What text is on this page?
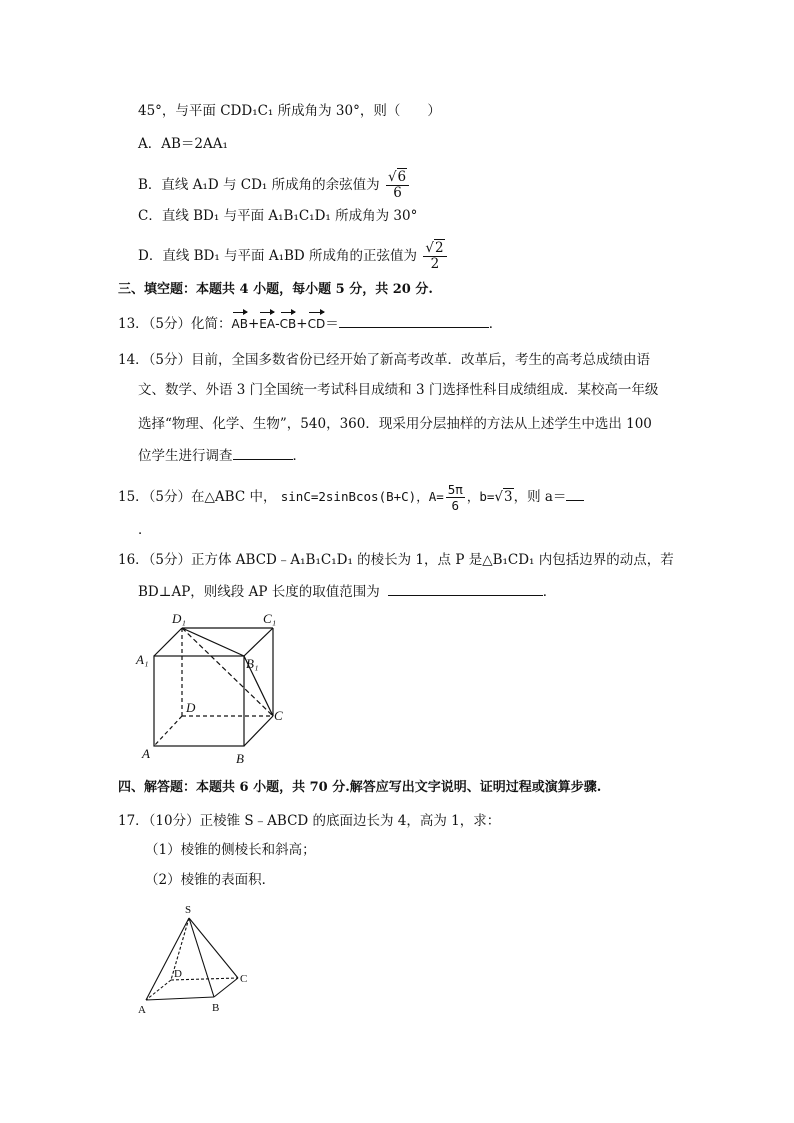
45°，与平面 CDD₁C₁ 所成角为 30°，则（　　）
A．AB＝2AA₁
B．直线 A₁D 与 CD₁ 所成角的余弦值为 $\frac{√6}{6}$
C．直线 BD₁ 与平面 A₁B₁C₁D₁ 所成角为 30°
D．直线 BD₁ 与平面 A₁BD 所成角的正弦值为 $\frac{√2}{2}$
三、填空题：本题共 4 小题，每小题 5 分，共 20 分.
13．（5分）化简：AB+EA-CB+CD＝	．
14．（5分）目前，全国多数省份已经开始了新高考改革．改革后，考生的高考总成绩由语
文、数学、外语 3 门全国统一考试科目成绩和 3 门选择性科目成绩组成．某校高一年级
选择“物理、化学、生物”，540，360．现采用分层抽样的方法从上述学生中选出 100
位学生进行调查	．
15．（5分）在△ABC 中， sinC=2sinBcos(B+C)，$A= \frac{5\pi}{6}$ ，b=√3，则 a＝
．
16．（5分）正方体 ABCD﹣A₁B₁C₁D₁ 的棱长为 1，点 P 是△B₁CD₁ 内包括边界的动点，若
BD⊥AP，则线段 AP 长度的取值范围为	．
D₁	C₁
A₁	B₁
D
C
A	B
四、解答题：本题共 6 小题，共 70 分.解答应写出文字说明、证明过程或演算步骤.
17．（10分）正棱锥 S﹣ABCD 的底面边长为 4，高为 1，求：
（1）棱锥的侧棱长和斜高；
（2）棱锥的表面积．
S
D	C
A	B
